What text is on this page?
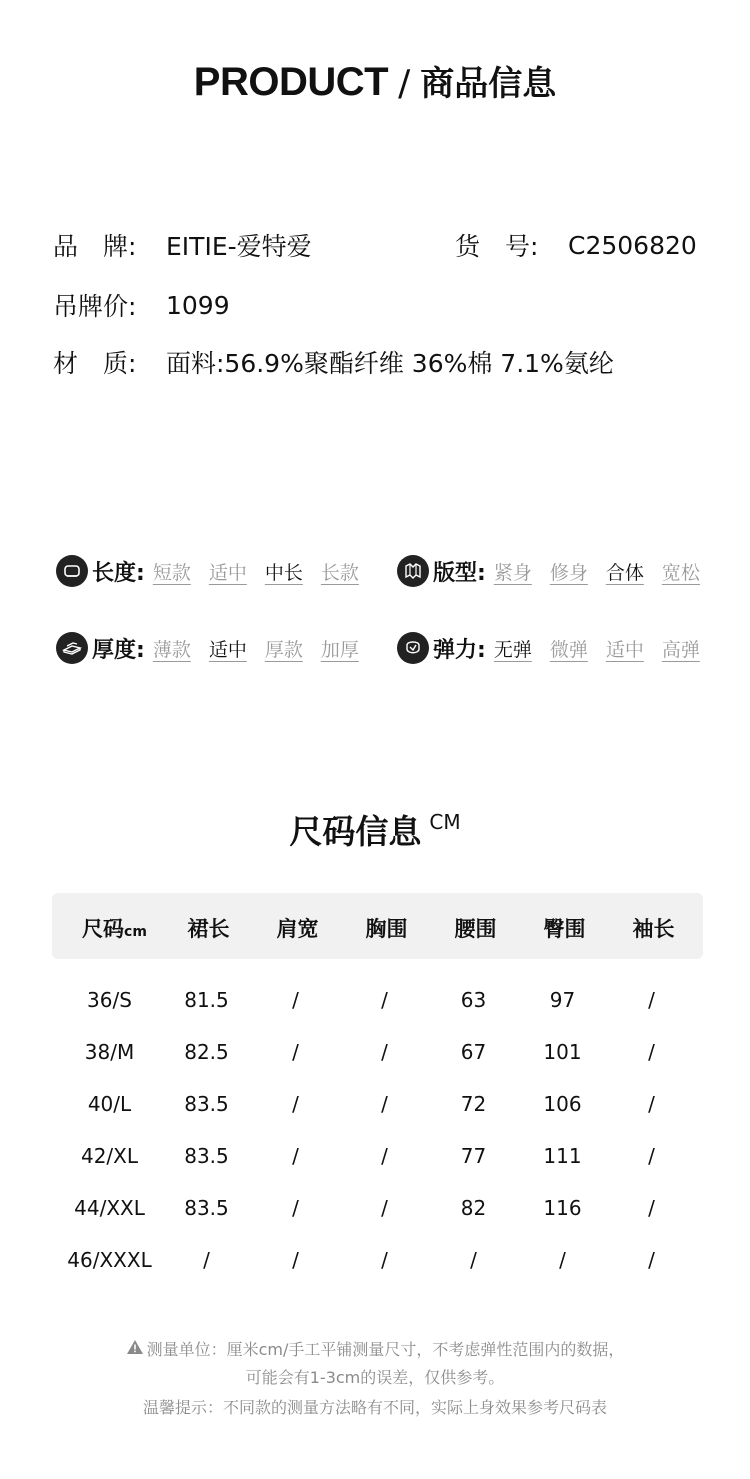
PRODUCT / 商品信息
品　牌:	EITIE-爱特爱	货　号:	C2506820
吊牌价:	1099
材　质:	面料:56.9%聚酯纤维 36%棉 7.1%氨纶
长度: 短款 适中 中长 长款	版型: 紧身 修身 合体 宽松
厚度: 薄款 适中 厚款 加厚	弹力: 无弹 微弹 适中 高弹
尺码信息 CM
尺码cm	裙长	肩宽	胸围	腰围	臀围	袖长
36/S	81.5	/	/	63	97	/
38/M	82.5	/	/	67	101	/
40/L	83.5	/	/	72	106	/
42/XL	83.5	/	/	77	111	/
44/XXL	83.5	/	/	82	116	/
46/XXXL	/	/	/	/	/	/
测量单位：厘米cm/手工平铺测量尺寸，不考虑弹性范围内的数据，
可能会有1-3cm的误差，仅供参考。
温馨提示：不同款的测量方法略有不同，实际上身效果参考尺码表
